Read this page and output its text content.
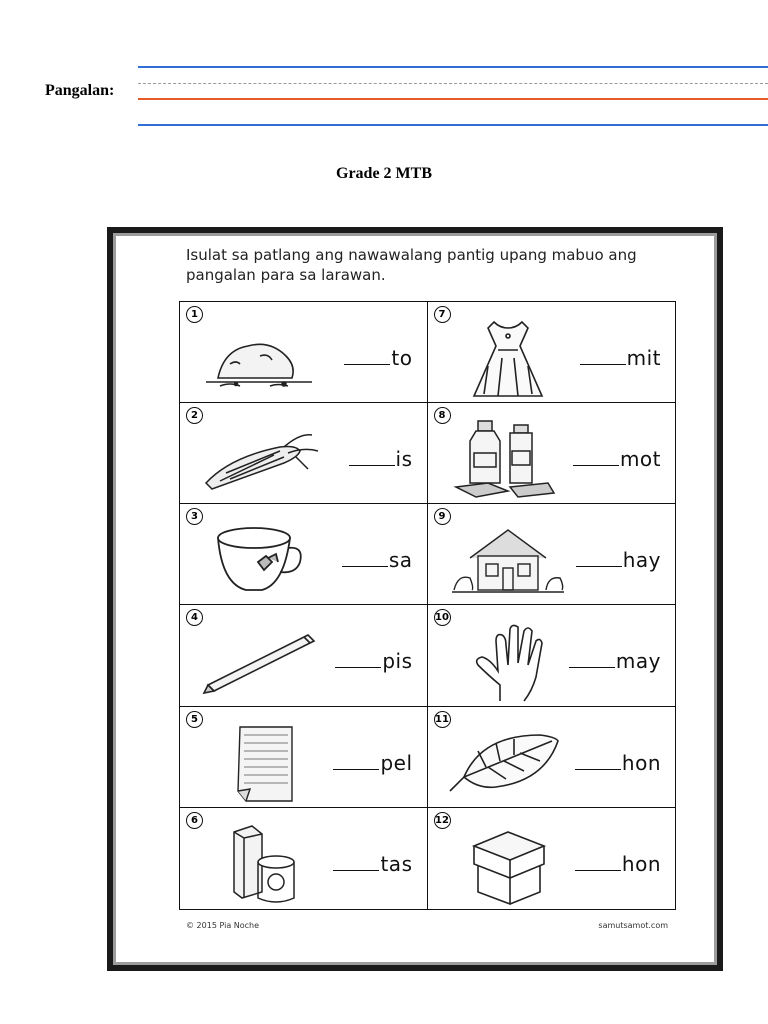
Pangalan:
Grade 2 MTB
Isulat sa patlang ang nawawalang pantig upang mabuo ang pangalan para sa larawan.
1
to
7
mit
2
is
8
mot
3
sa
9
hay
4
pis
10
may
5
pel
11
hon
6
tas
12
hon
© 2015 Pia Noche	samutsamot.com
